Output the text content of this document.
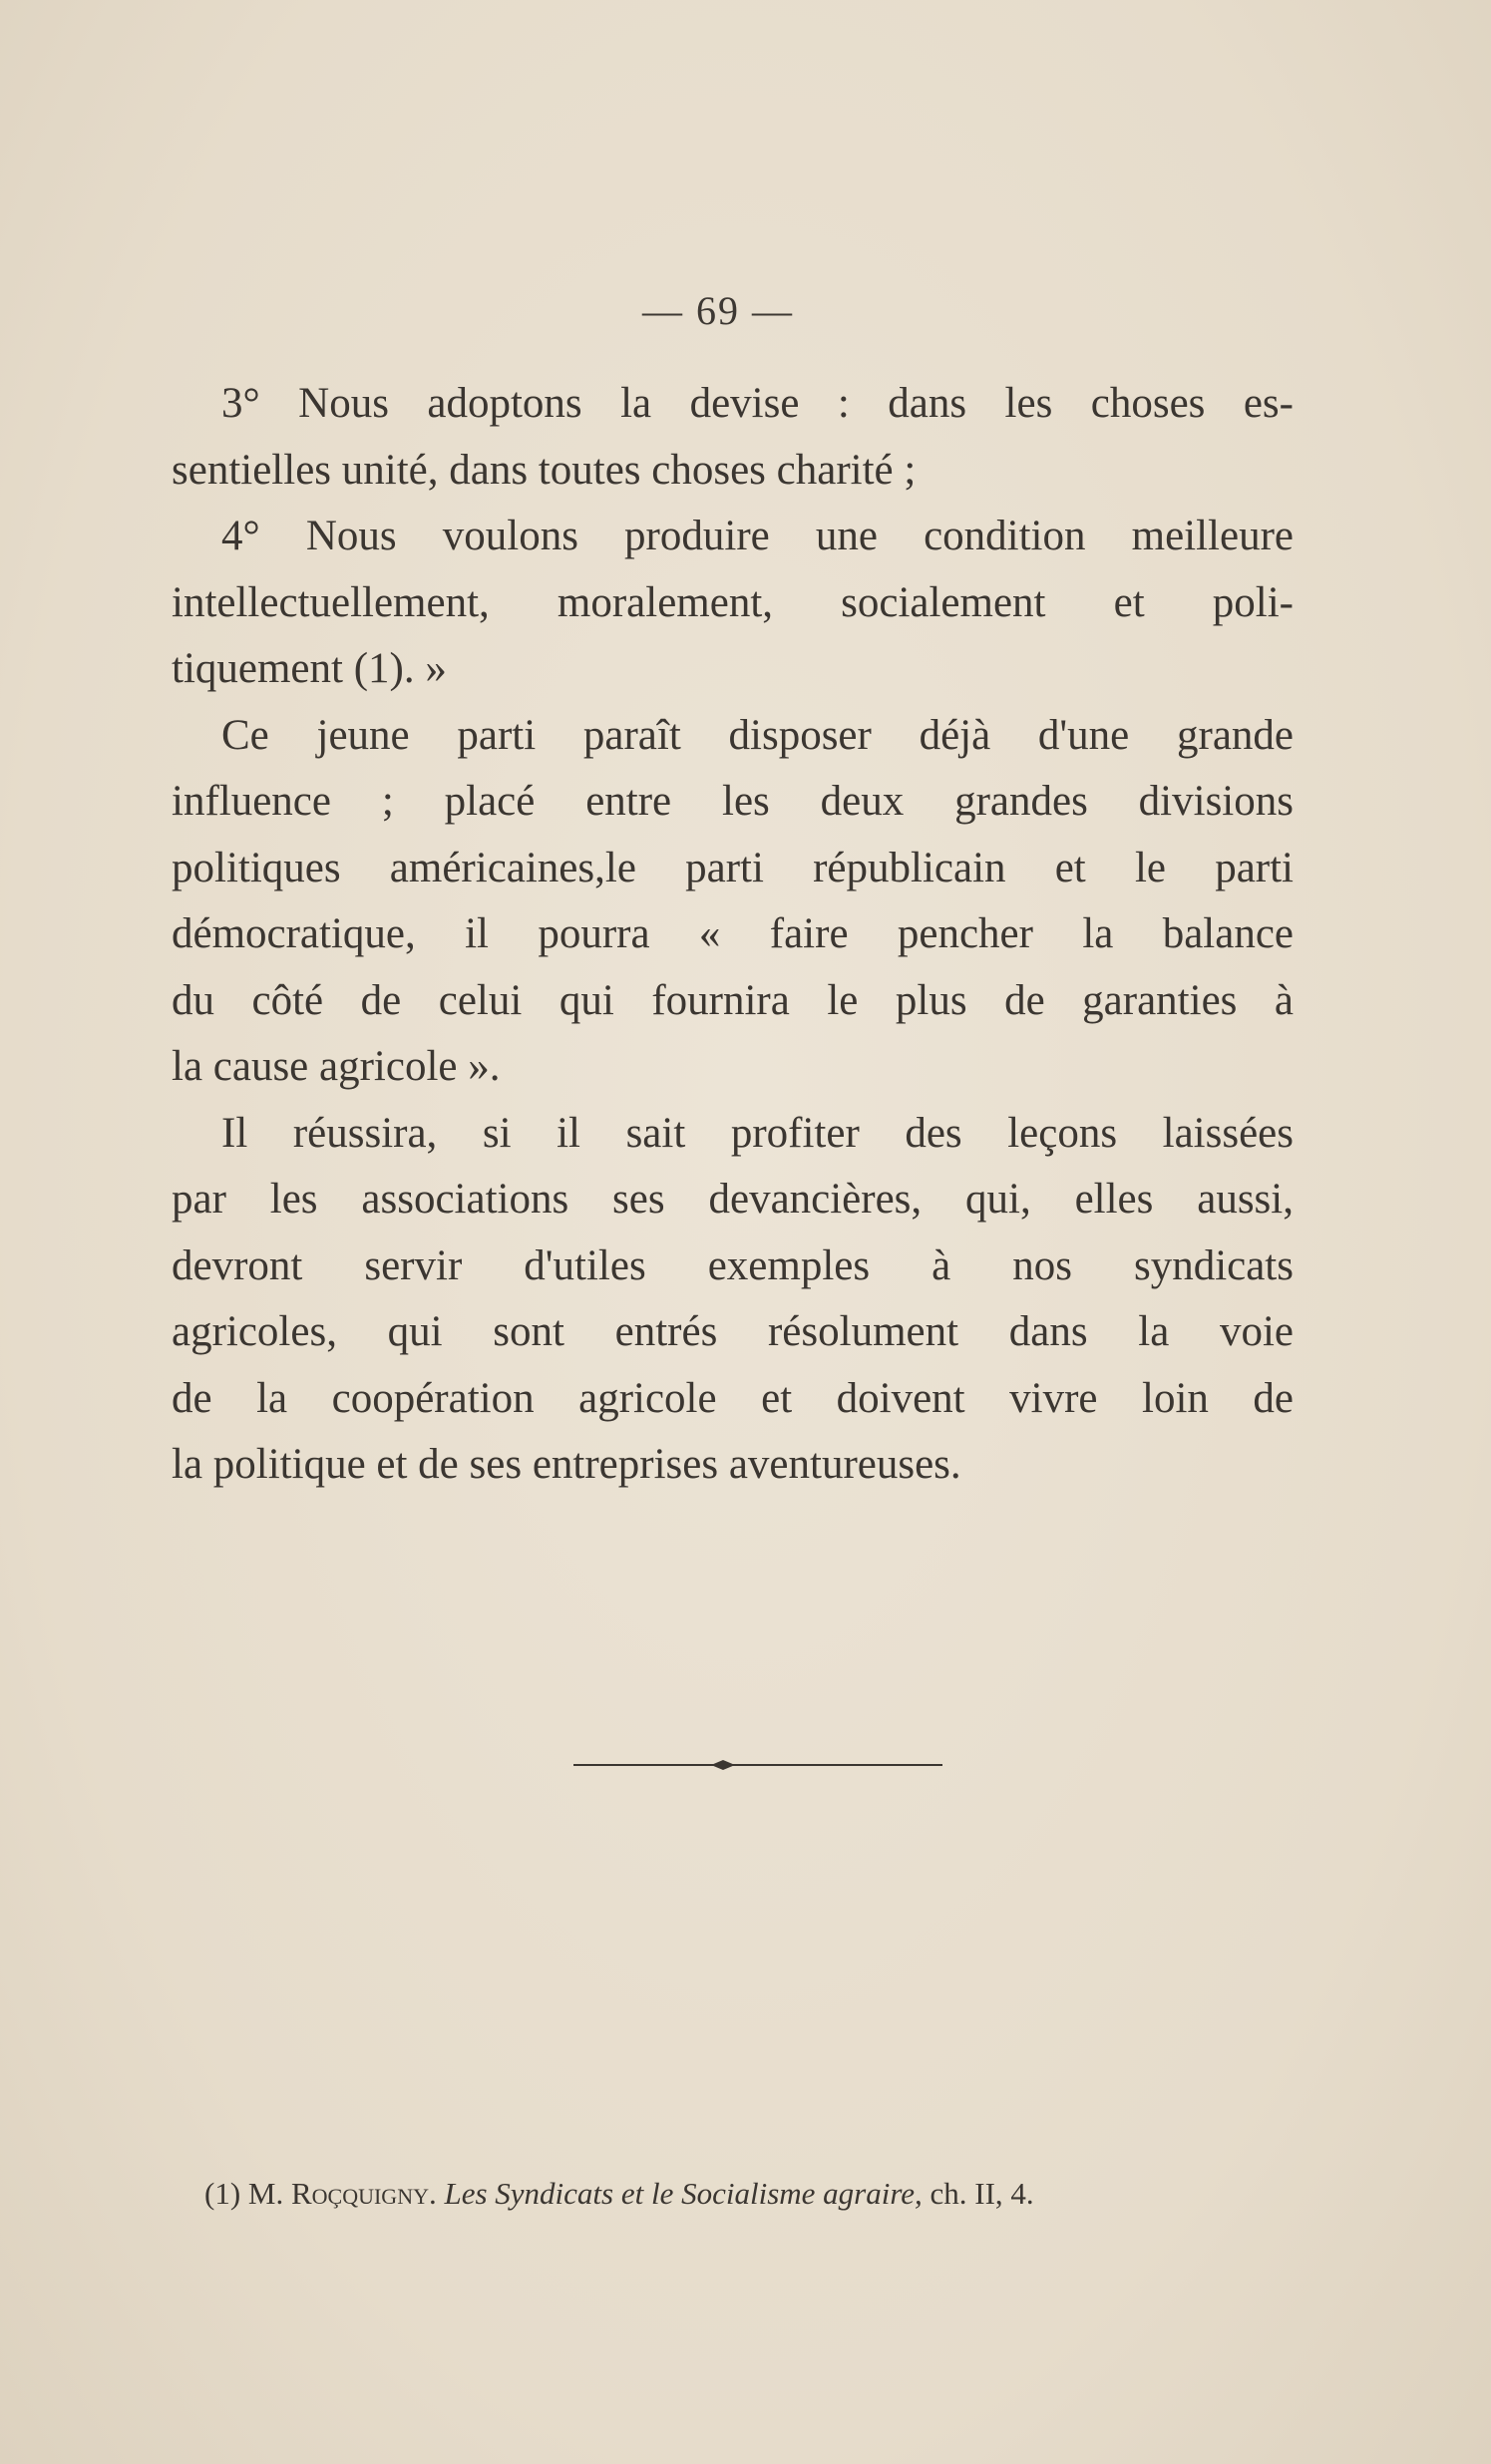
— 69 —
3° Nous adoptons la devise : dans les choses es-
sentielles unité, dans toutes choses charité ;
4° Nous voulons produire une condition meilleure
intellectuellement, moralement, socialement et poli-
tiquement (1). »
Ce jeune parti paraît disposer déjà d'une grande
influence ; placé entre les deux grandes divisions
politiques américaines,le parti républicain et le parti
démocratique, il pourra « faire pencher la balance
du côté de celui qui fournira le plus de garanties à
la cause agricole ».
Il réussira, si il sait profiter des leçons laissées
par les associations ses devancières, qui, elles aussi,
devront servir d'utiles exemples à nos syndicats
agricoles, qui sont entrés résolument dans la voie
de la coopération agricole et doivent vivre loin de
la politique et de ses entreprises aventureuses.
(1) M. Roçquigny. Les Syndicats et le Socialisme agraire, ch. II, 4.
